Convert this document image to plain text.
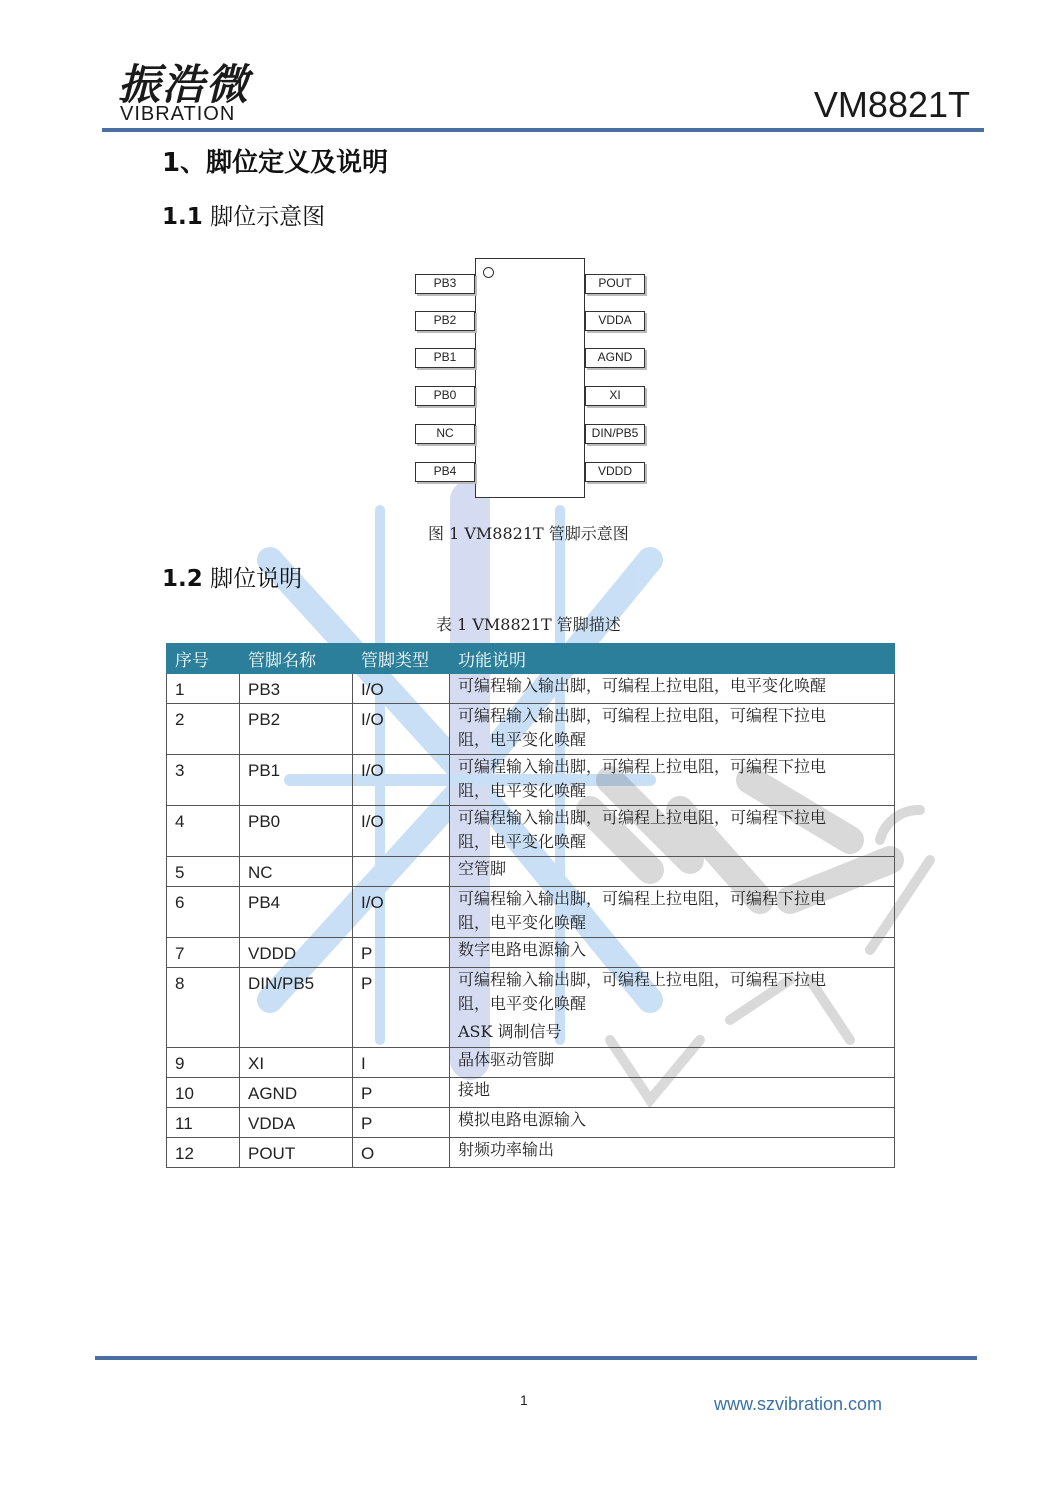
振浩微
VIBRATION	VM8821T
1、脚位定义及说明
1.1 脚位示意图
PB3
PB2
PB1
PB0
NC
PB4
POUT
VDDA
AGND
XI
DIN/PB5
VDDD
图 1 VM8821T 管脚示意图
1.2 脚位说明
表 1 VM8821T 管脚描述
序号	管脚名称	管脚类型	功能说明
1	PB3	I/O	可编程输入输出脚，可编程上拉电阻，电平变化唤醒

2	PB2	I/O	可编程输入输出脚，可编程上拉电阻，可编程下拉电
阻，电平变化唤醒

3	PB1	I/O	可编程输入输出脚，可编程上拉电阻，可编程下拉电
阻，电平变化唤醒

4	PB0	I/O	可编程输入输出脚，可编程上拉电阻，可编程下拉电
阻，电平变化唤醒

5	NC		空管脚

6	PB4	I/O	可编程输入输出脚，可编程上拉电阻，可编程下拉电
阻，电平变化唤醒

7	VDDD	P	数字电路电源输入

8	DIN/PB5	P	可编程输入输出脚，可编程上拉电阻，可编程下拉电
阻，电平变化唤醒
ASK 调制信号

9	XI	I	晶体驱动管脚

10	AGND	P	接地

11	VDDA	P	模拟电路电源输入

12	POUT	O	射频功率输出
1	www.szvibration.com
